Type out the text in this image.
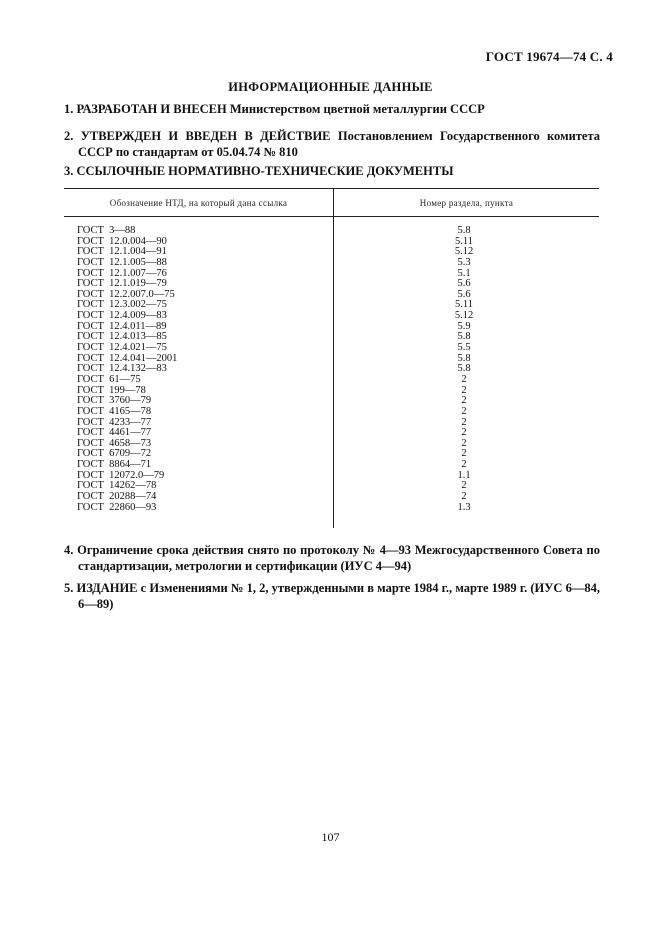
ГОСТ 19674—74 С. 4
ИНФОРМАЦИОННЫЕ ДАННЫЕ
1. РАЗРАБОТАН И ВНЕСЕН Министерством цветной металлургии СССР
2. УТВЕРЖДЕН И ВВЕДЕН В ДЕЙСТВИЕ Постановлением Государственного комитета СССР по стандартам от 05.04.74 № 810
3. ССЫЛОЧНЫЕ НОРМАТИВНО-ТЕХНИЧЕСКИЕ ДОКУМЕНТЫ
Обозначение НТД, на который дана ссылка	Номер раздела, пункта
ГОСТ  3—88	5.8
ГОСТ  12.0.004—90	5.11
ГОСТ  12.1.004—91	5.12
ГОСТ  12.1.005—88	5.3
ГОСТ  12.1.007—76	5.1
ГОСТ  12.1.019—79	5.6
ГОСТ  12.2.007.0—75	5.6
ГОСТ  12.3.002—75	5.11
ГОСТ  12.4.009—83	5.12
ГОСТ  12.4.011—89	5.9
ГОСТ  12.4.013—85	5.8
ГОСТ  12.4.021—75	5.5
ГОСТ  12.4.041—2001	5.8
ГОСТ  12.4.132—83	5.8
ГОСТ  61—75	2
ГОСТ  199—78	2
ГОСТ  3760—79	2
ГОСТ  4165—78	2
ГОСТ  4233—77	2
ГОСТ  4461—77	2
ГОСТ  4658—73	2
ГОСТ  6709—72	2
ГОСТ  8864—71	2
ГОСТ  12072.0—79	1.1
ГОСТ  14262—78	2
ГОСТ  20288—74	2
ГОСТ  22860—93	1.3
4. Ограничение срока действия снято по протоколу № 4—93 Межгосударственного Совета по стандартизации, метрологии и сертификации (ИУС 4—94)
5. ИЗДАНИЕ с Изменениями № 1, 2, утвержденными в марте 1984 г., марте 1989 г. (ИУС 6—84, 6—89)
107
